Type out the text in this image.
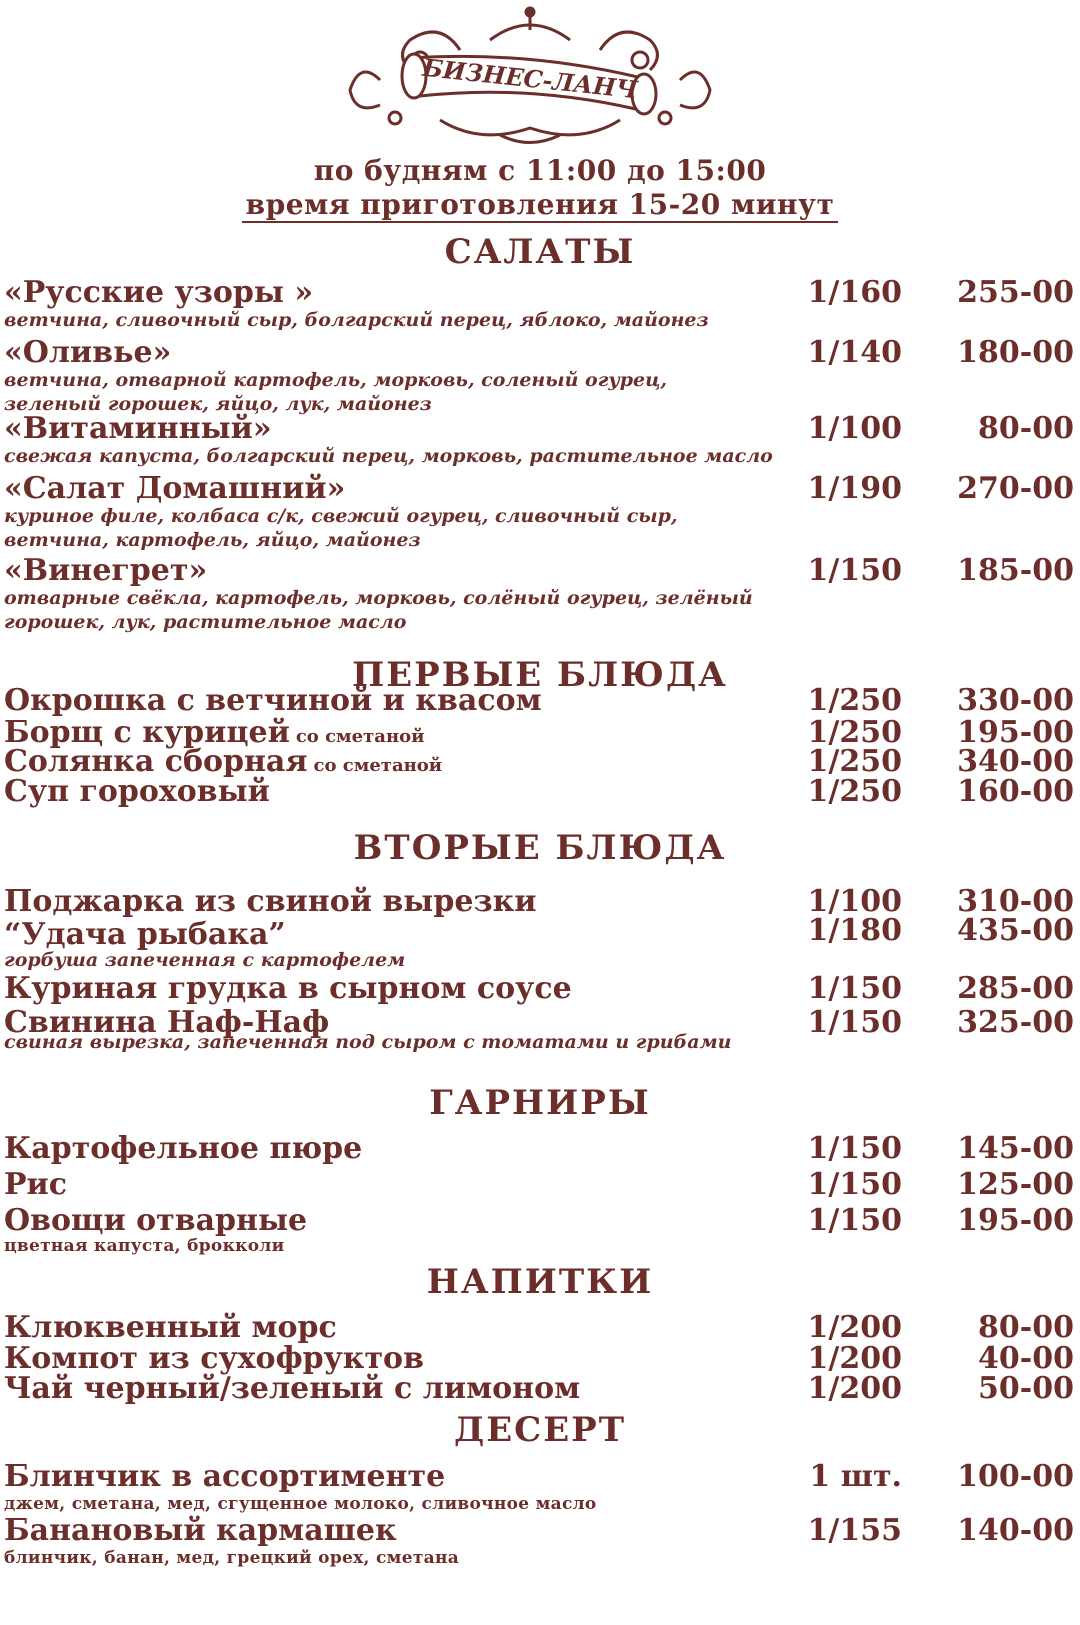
БИЗНЕС-ЛАНЧ
по будням с 11:00 до 15:00
время приготовления 15-20 минут
САЛАТЫ
«Русские узоры »	1/160	255-00
ветчина, сливочный сыр, болгарский перец, яблоко, майонез
«Оливье»	1/140	180-00
ветчина, отварной картофель, морковь, соленый огурец, зеленый горошек, яйцо, лук, майонез
«Витаминный»	1/100	80-00
свежая капуста, болгарский перец, морковь, растительное масло
«Салат Домашний»	1/190	270-00
куриное филе, колбаса с/к, свежий огурец, сливочный сыр, ветчина, картофель, яйцо, майонез
«Винегрет»	1/150	185-00
отварные свёкла, картофель, морковь, солёный огурец, зелёный горошек, лук, растительное масло
ПЕРВЫЕ БЛЮДА
Окрошка с ветчиной и квасом	1/250	330-00
Борщ с курицей со сметаной	1/250	195-00
Солянка сборная со сметаной	1/250	340-00
Суп гороховый	1/250	160-00
ВТОРЫЕ БЛЮДА
Поджарка из свиной вырезки	1/100	310-00
“Удача рыбака”	1/180	435-00
горбуша запеченная с картофелем
Куриная грудка в сырном соусе	1/150	285-00
Свинина Наф-Наф	1/150	325-00
свиная вырезка, запеченная под сыром с томатами и грибами
ГАРНИРЫ
Картофельное пюре	1/150	145-00
Рис	1/150	125-00
Овощи отварные	1/150	195-00
цветная капуста, брокколи
НАПИТКИ
Клюквенный морс	1/200	80-00
Компот из сухофруктов	1/200	40-00
Чай черный/зеленый с лимоном	1/200	50-00
ДЕСЕРТ
Блинчик в ассортименте	1 шт.	100-00
джем, сметана, мед, сгущенное молоко, сливочное масло
Банановый кармашек	1/155	140-00
блинчик, банан, мед, грецкий орех, сметана
